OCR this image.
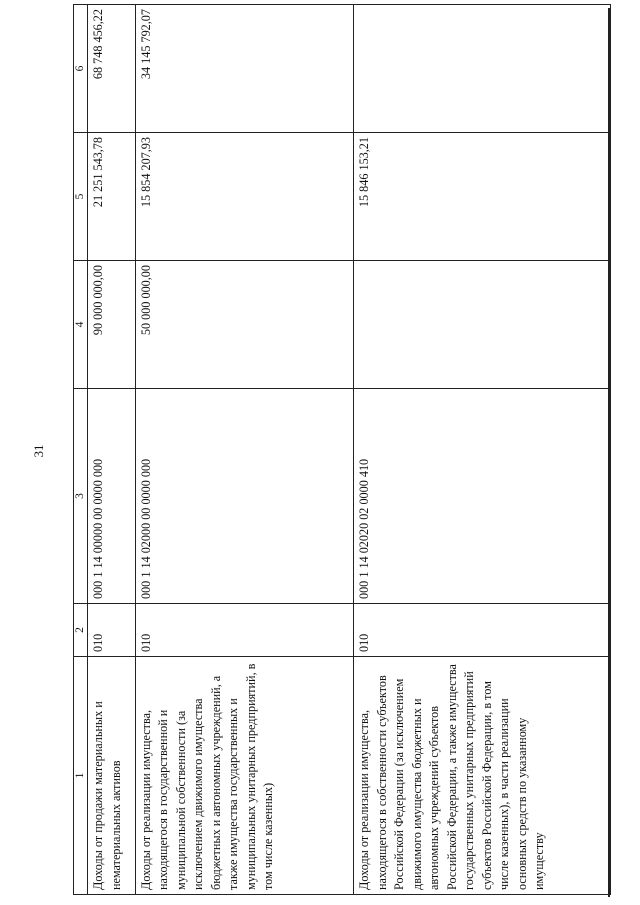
31
1	2	3	4	5	6
Доходы от продажи материальных и нематериальных активов	010	000 1 14 00000 00 0000 000	90 000 000,00	21 251 543,78	68 748 456,22
Доходы от реализации имущества, находящегося в государственной и муниципальной собственности (за исключением движимого имущества бюджетных и автономных учреждений, а также имущества государственных и муниципальных унитарных предприятий, в том числе казенных)	010	000 1 14 02000 00 0000 000	50 000 000,00	15 854 207,93	34 145 792,07
Доходы от реализации имущества, находящегося в собственности субъектов Российской Федерации (за исключением движимого имущества бюджетных и автономных учреждений субъектов Российской Федерации, а также имущества государственных унитарных предприятий субъектов Российской Федерации, в том числе казенных), в части реализации основных средств по указанному имуществу	010	000 1 14 02020 02 0000 410		15 846 153,21	
